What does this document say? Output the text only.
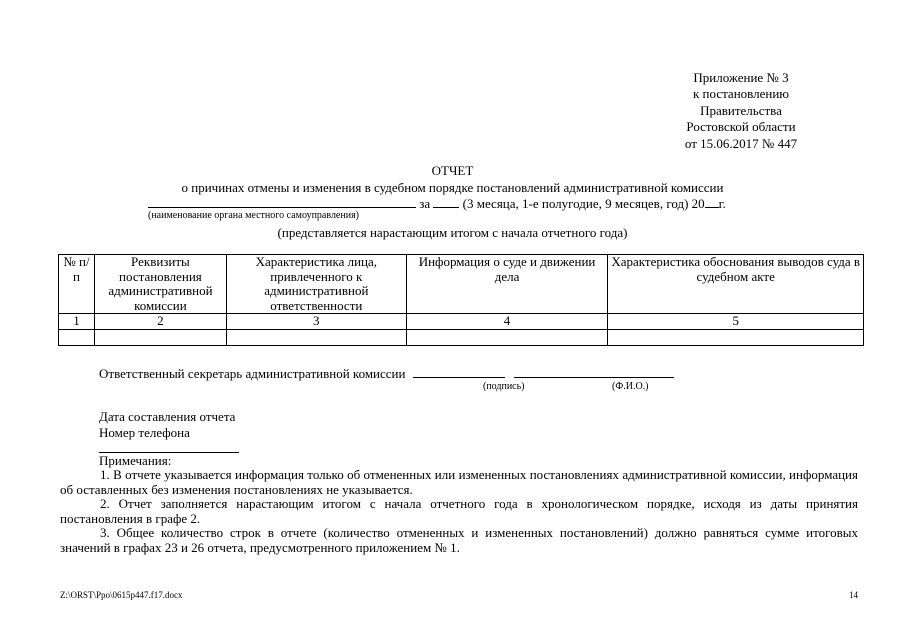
Приложение № 3
к постановлению
Правительства
Ростовской области
от 15.06.2017 № 447
ОТЧЕТ
о причинах отмены и изменения в судебном порядке постановлений административной комиссии
за	(3 месяца, 1-е полугодие, 9 месяцев, год) 20 г.
(наименование органа местного самоуправления)
(представляется нарастающим итогом с начала отчетного года)
№ п/п	Реквизиты постановления административной комиссии	Характеристика лица, привлеченного к административной ответственности	Информация о суде и движении дела	Характеристика обоснования выводов суда в судебном акте
1	2	3	4	5

Ответственный секретарь административной комиссии
(подпись)	(Ф.И.О.)
Дата составления отчета
Номер телефона
Примечания:

1. В отчете указывается информация только об отмененных или измененных постановлениях административной комиссии, информация об оставленных без изменения постановлениях не указывается.

2. Отчет заполняется нарастающим итогом с начала отчетного года в хронологическом порядке, исходя из даты принятия постановления в графе 2.

3. Общее количество строк в отчете (количество отмененных и измененных постановлений) должно равняться сумме итоговых значений в графах 23 и 26 отчета, предусмотренного приложением № 1.

Z:\ORST\Ppo\0615p447.f17.docx	14
